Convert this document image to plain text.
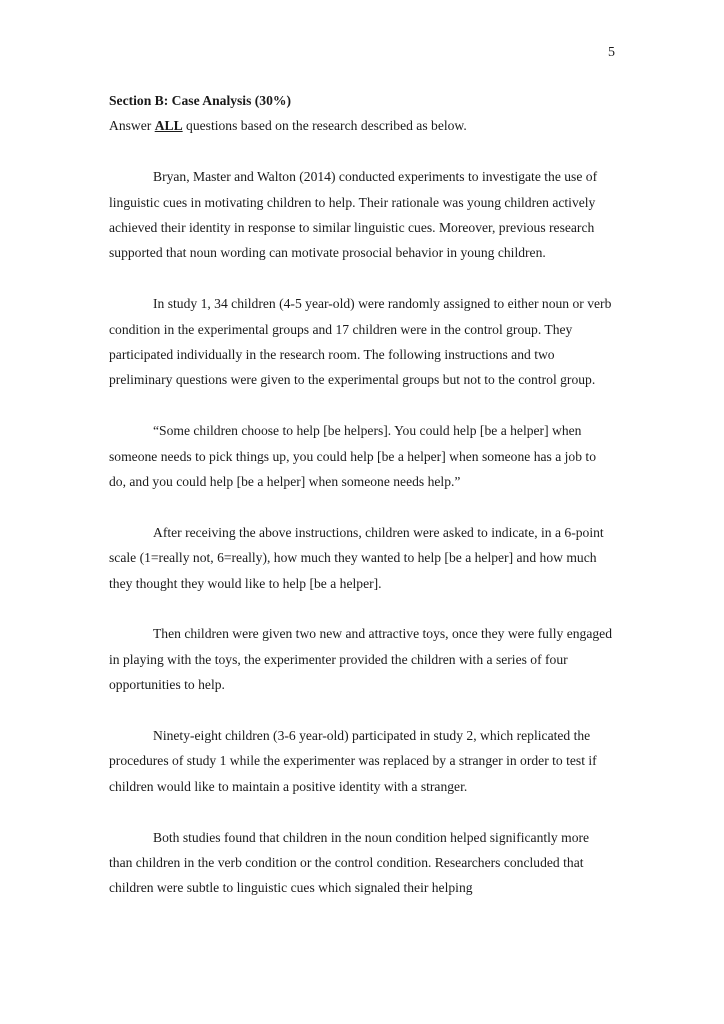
5

Section B: Case Analysis (30%)

Answer ALL questions based on the research described as below.

Bryan, Master and Walton (2014) conducted experiments to investigate the use of linguistic cues in motivating children to help. Their rationale was young children actively achieved their identity in response to similar linguistic cues. Moreover, previous research supported that noun wording can motivate prosocial behavior in young children.

In study 1, 34 children (4-5 year-old) were randomly assigned to either noun or verb condition in the experimental groups and 17 children were in the control group. They participated individually in the research room. The following instructions and two preliminary questions were given to the experimental groups but not to the control group.

“Some children choose to help [be helpers]. You could help [be a helper] when someone needs to pick things up, you could help [be a helper] when someone has a job to do, and you could help [be a helper] when someone needs help.”

After receiving the above instructions, children were asked to indicate, in a 6-point scale (1=really not, 6=really), how much they wanted to help [be a helper] and how much they thought they would like to help [be a helper].

Then children were given two new and attractive toys, once they were fully engaged in playing with the toys, the experimenter provided the children with a series of four opportunities to help.

Ninety-eight children (3-6 year-old) participated in study 2, which replicated the procedures of study 1 while the experimenter was replaced by a stranger in order to test if children would like to maintain a positive identity with a stranger.

Both studies found that children in the noun condition helped significantly more than children in the verb condition or the control condition. Researchers concluded that children were subtle to linguistic cues which signaled their helping
